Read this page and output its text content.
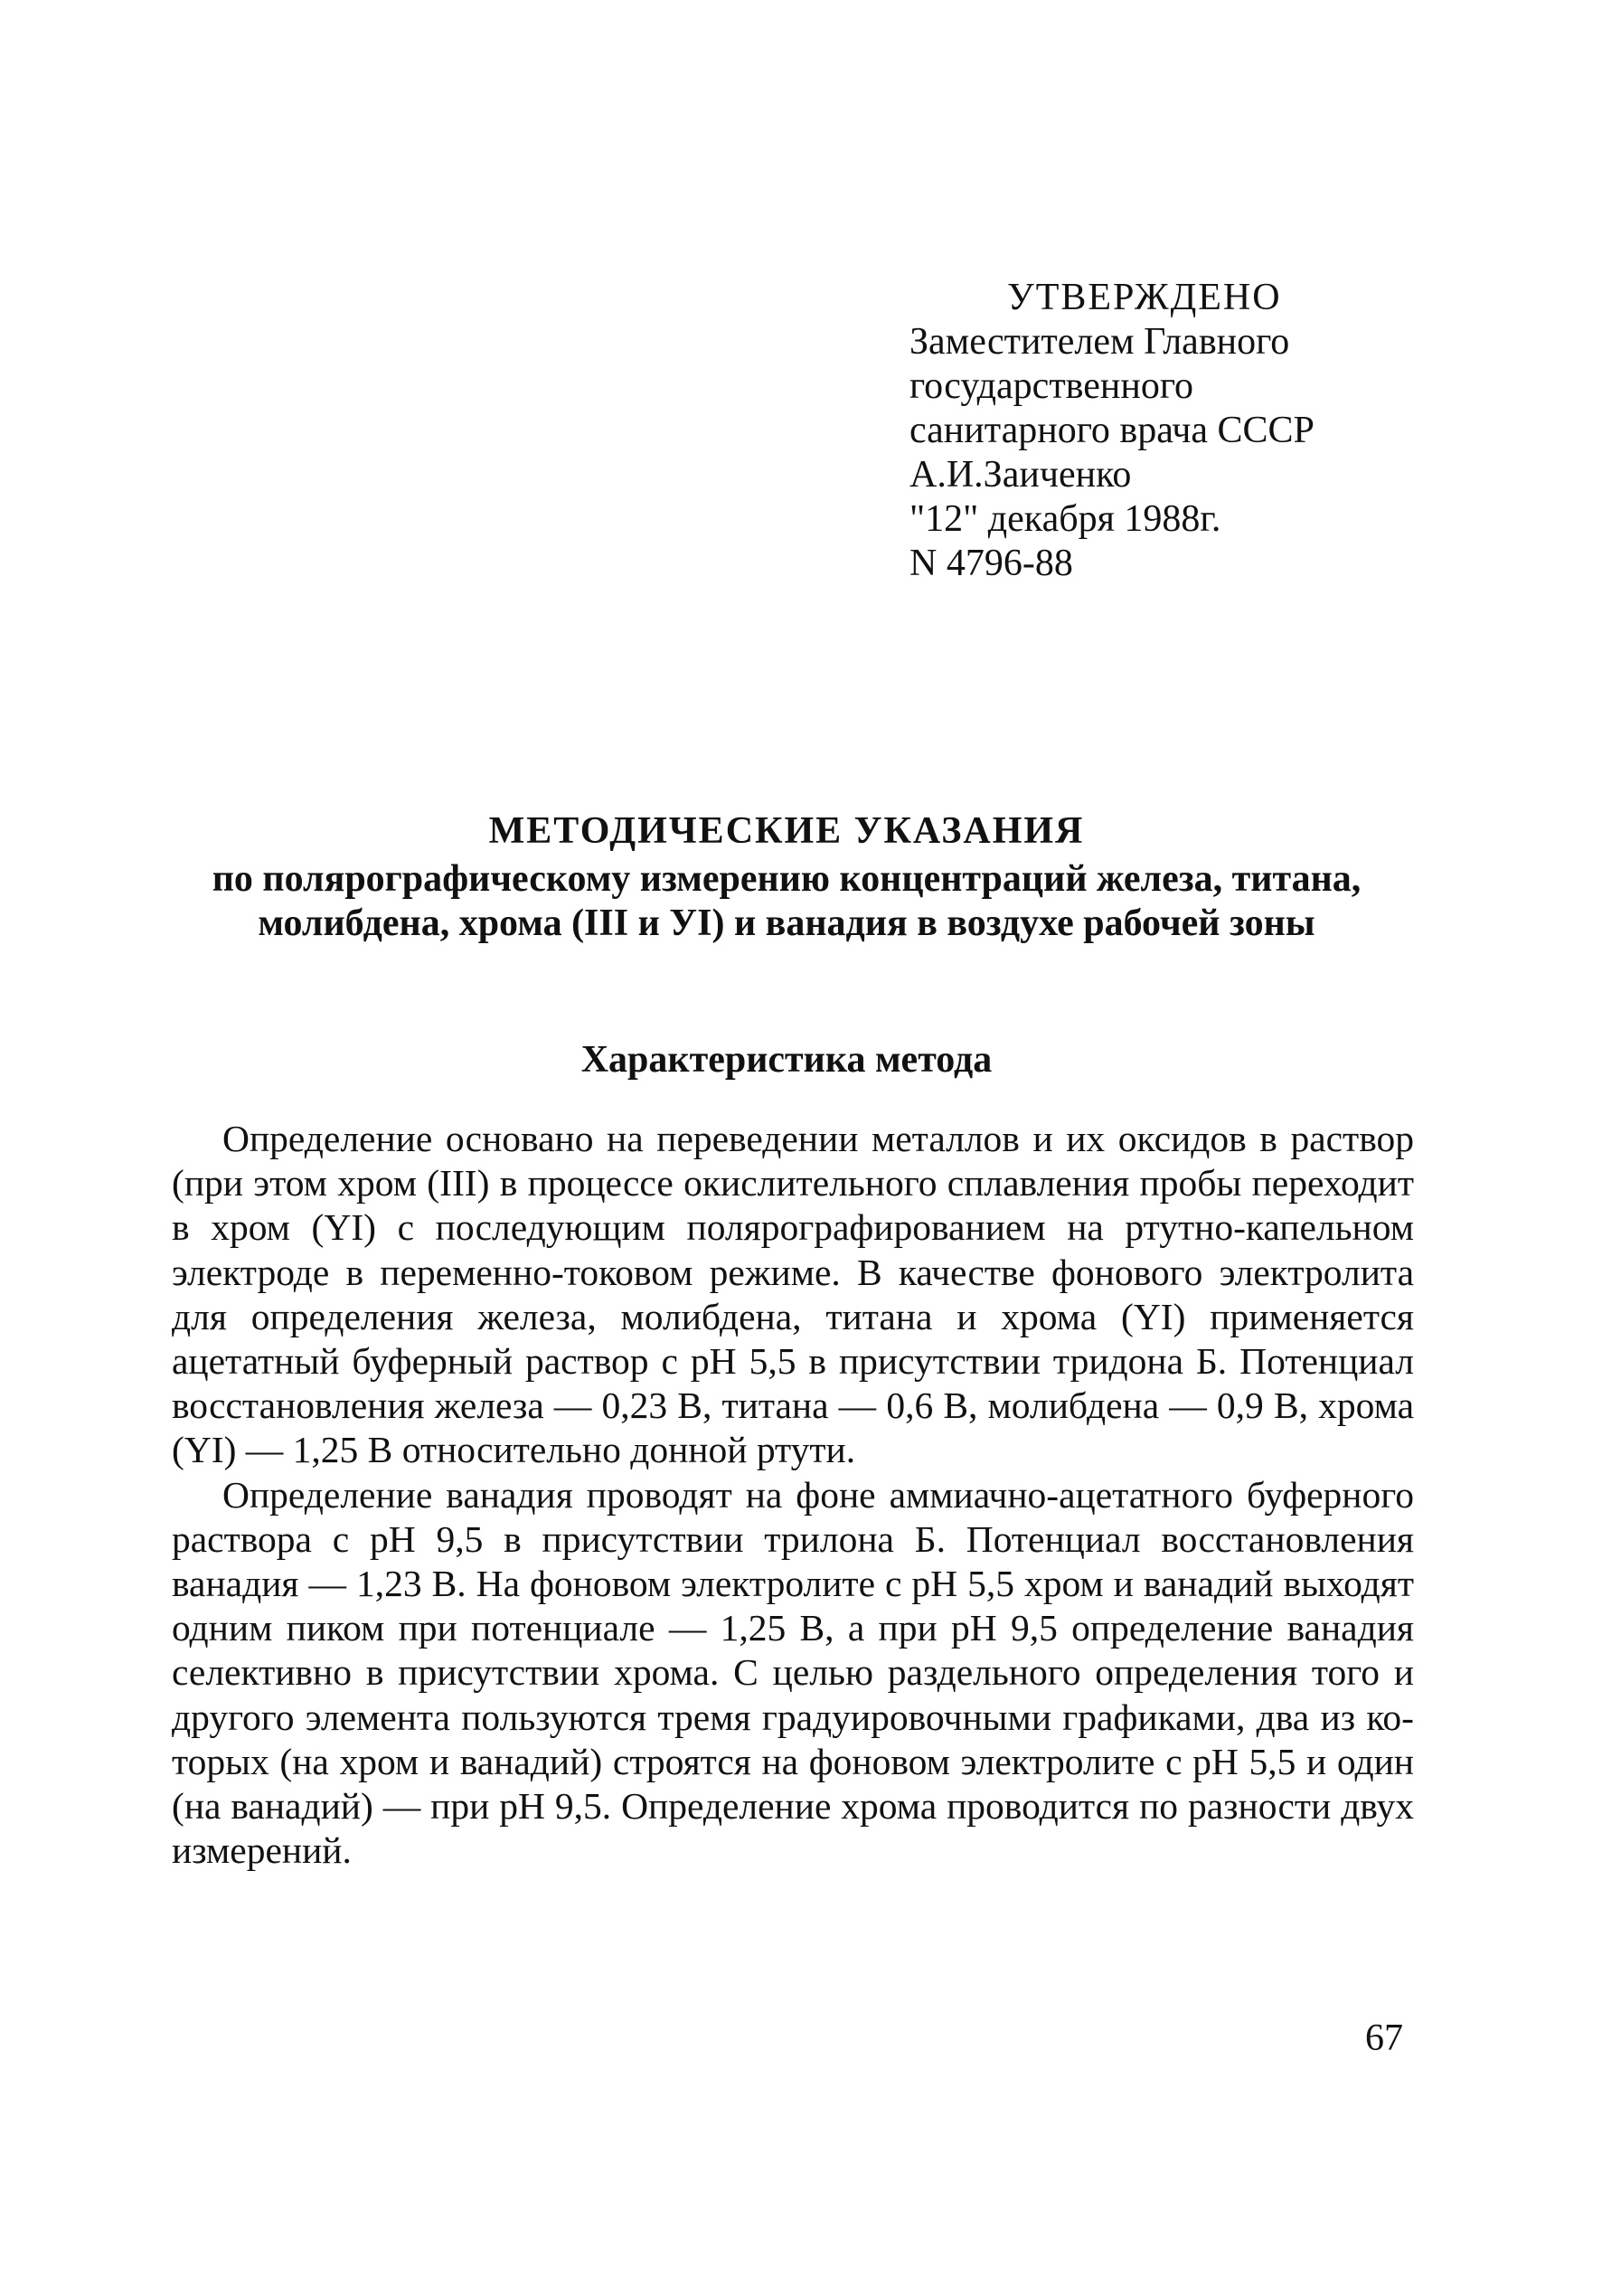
УТВЕРЖДЕНО
Заместителем Главного
государственного
санитарного врача СССР
А.И.Заиченко
"12" декабря 1988г.
N 4796-88
МЕТОДИЧЕСКИЕ УКАЗАНИЯ
по полярографическому измерению концентраций железа, титана,
молибдена, хрома (III и УI) и ванадия в воздухе рабочей зоны
Характеристика метода

Определение основано на переведении металлов и их оксидов в раствор (при этом хром (III) в процессе окислительного сплавления пробы переходит в хром (YI) с последующим полярографированием на ртутно-капельном электроде в переменно-токовом режиме. В качестве фонового электролита для определения железа, молибдена, титана и хрома (YI) применяется ацетатный буферный раствор с рН 5,5 в присутствии тридона Б. Потенциал восстановления железа — 0,23 В, титана — 0,6 В, молибдена — 0,9 В, хрома (YI) — 1,25 В относительно донной ртути.

Определение ванадия проводят на фоне аммиачно-ацетатного буферного раствора с рН 9,5 в присутствии трилона Б. Потенциал восстановления ванадия — 1,23 В. На фоновом электролите с рН 5,5 хром и ванадий выходят одним пиком при потенциале — 1,25 В, а при рН 9,5 определение ванадия селективно в присутствии хрома. С целью раздельного определения того и другого элемента пользуются тремя градуировочными графиками, два из которых (на хром и ванадий) строятся на фоновом электролите с рН 5,5 и один (на ванадий) — при рН 9,5. Определение хрома проводится по разности двух измерений.

67
